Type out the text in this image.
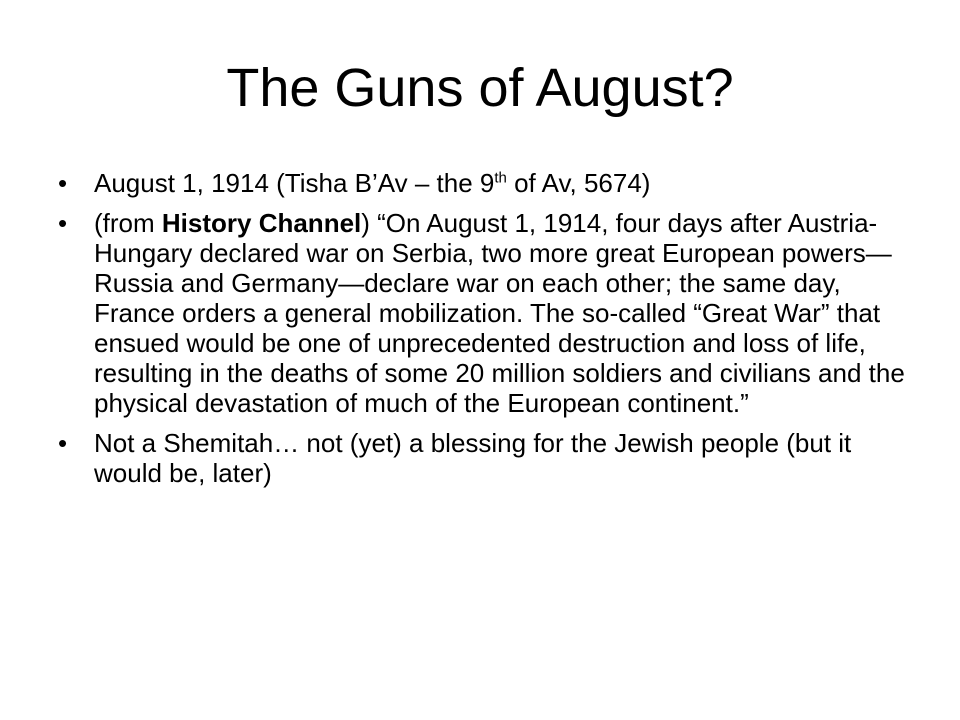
The Guns of August?
•	August 1, 1914 (Tisha B’Av – the 9th of Av, 5674)
•	(from History Channel) “On August 1, 1914, four days after Austria-Hungary declared war on Serbia, two more great European powers—Russia and Germany—declare war on each other; the same day, France orders a general mobilization. The so-called “Great War” that ensued would be one of unprecedented destruction and loss of life, resulting in the deaths of some 20 million soldiers and civilians and the physical devastation of much of the European continent.”
•	Not a Shemitah… not (yet) a blessing for the Jewish people (but it would be, later)
